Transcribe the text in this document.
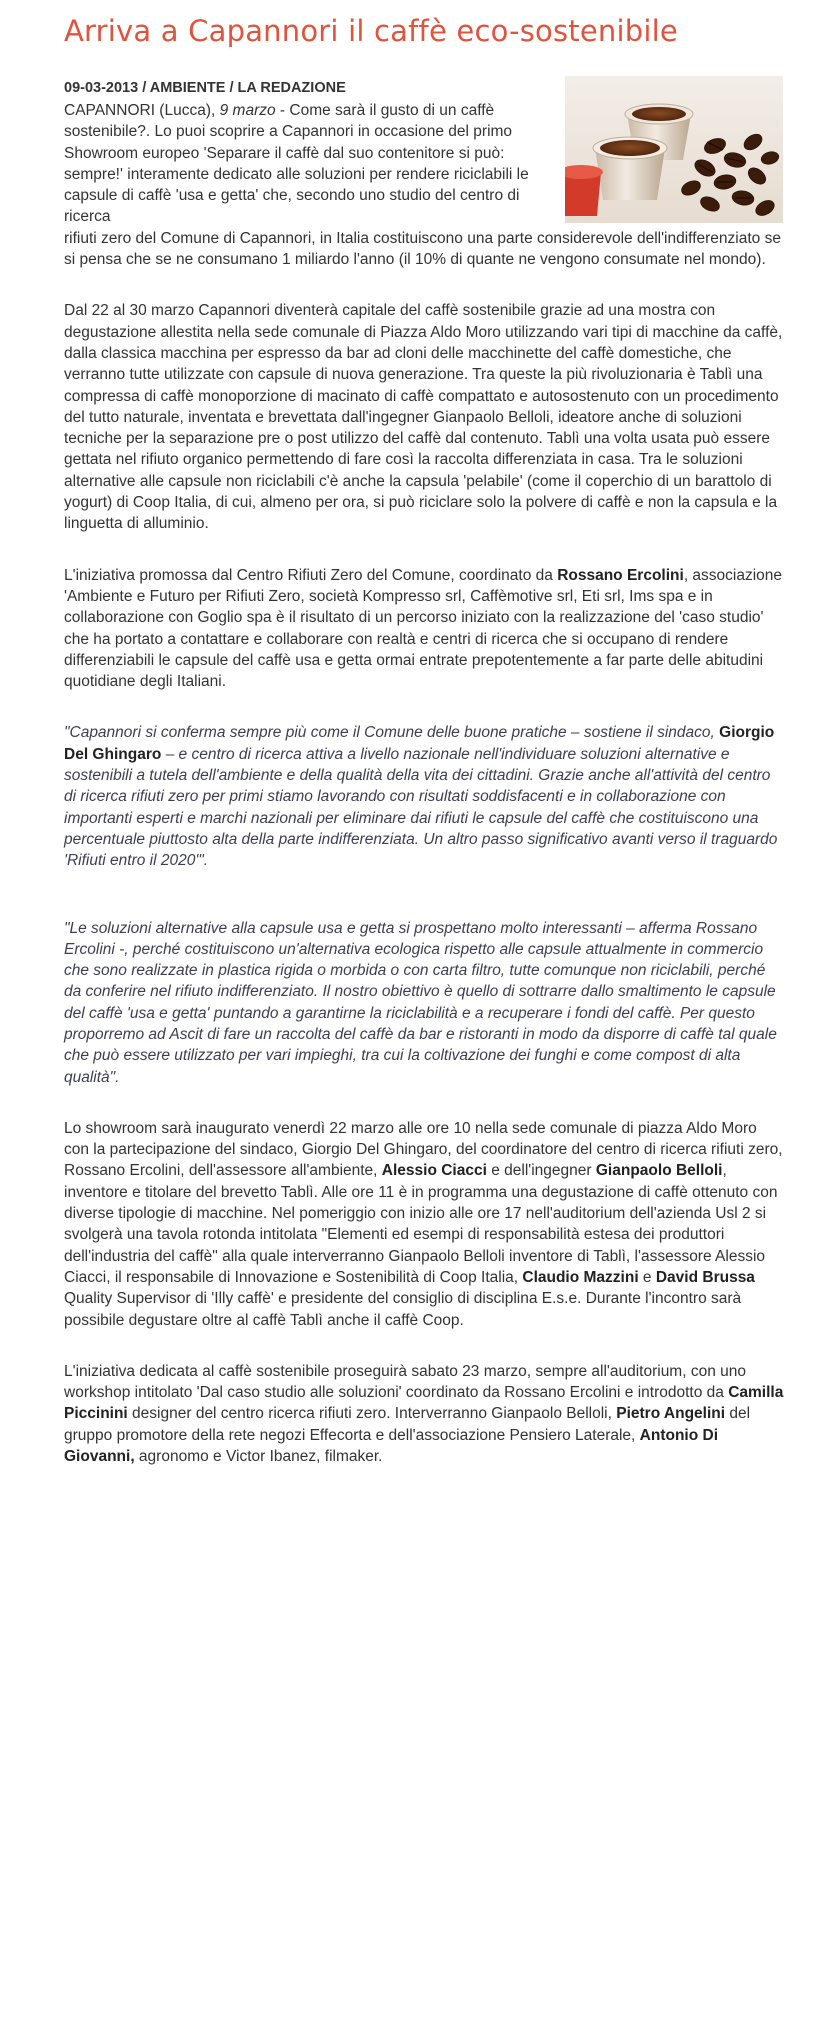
Arriva a Capannori il caffè eco-sostenibile
09-03-2013 / AMBIENTE / LA REDAZIONE

CAPANNORI (Lucca), 9 marzo - Come sarà il gusto di un caffè sostenibile?. Lo puoi scoprire a Capannori in occasione del primo Showroom europeo 'Separare il caffè dal suo contenitore si può: sempre!' interamente dedicato alle soluzioni per rendere riciclabili le capsule di caffè 'usa e getta' che, secondo uno studio del centro di ricerca

rifiuti zero del Comune di Capannori, in Italia costituiscono una parte considerevole dell'indifferenziato se si pensa che se ne consumano 1 miliardo l'anno (il 10% di quante ne vengono consumate nel mondo).

Dal 22 al 30 marzo Capannori diventerà capitale del caffè sostenibile grazie ad una mostra con degustazione allestita nella sede comunale di Piazza Aldo Moro utilizzando vari tipi di macchine da caffè, dalla classica macchina per espresso da bar ad cloni delle macchinette del caffè domestiche, che verranno tutte utilizzate con capsule di nuova generazione. Tra queste la più rivoluzionaria è Tablì una compressa di caffè monoporzione di macinato di caffè compattato e autosostenuto con un procedimento del tutto naturale, inventata e brevettata dall'ingegner Gianpaolo Belloli, ideatore anche di soluzioni tecniche per la separazione pre o post utilizzo del caffè dal contenuto. Tablì una volta usata può essere gettata nel rifiuto organico permettendo di fare così la raccolta differenziata in casa. Tra le soluzioni alternative alle capsule non riciclabili c'è anche la capsula 'pelabile' (come il coperchio di un barattolo di yogurt) di Coop Italia, di cui, almeno per ora, si può riciclare solo la polvere di caffè e non la capsula e la linguetta di alluminio.

L'iniziativa promossa dal Centro Rifiuti Zero del Comune, coordinato da Rossano Ercolini, associazione 'Ambiente e Futuro per Rifiuti Zero, società Kompresso srl, Caffèmotive srl, Eti srl, Ims spa e in collaborazione con Goglio spa è il risultato di un percorso iniziato con la realizzazione del 'caso studio' che ha portato a contattare e collaborare con realtà e centri di ricerca che si occupano di rendere differenziabili le capsule del caffè usa e getta ormai entrate prepotentemente a far parte delle abitudini quotidiane degli Italiani.

"Capannori si conferma sempre più come il Comune delle buone pratiche – sostiene il sindaco, Giorgio Del Ghingaro – e centro di ricerca attiva a livello nazionale nell'individuare soluzioni alternative e sostenibili a tutela dell'ambiente e della qualità della vita dei cittadini. Grazie anche all'attività del centro di ricerca rifiuti zero per primi stiamo lavorando con risultati soddisfacenti e in collaborazione con importanti esperti e marchi nazionali per eliminare dai rifiuti le capsule del caffè che costituiscono una percentuale piuttosto alta della parte indifferenziata. Un altro passo significativo avanti verso il traguardo 'Rifiuti entro il 2020'".

"Le soluzioni alternative alla capsule usa e getta si prospettano molto interessanti – afferma Rossano Ercolini -, perché costituiscono un'alternativa ecologica rispetto alle capsule attualmente in commercio che sono realizzate in plastica rigida o morbida o con carta filtro, tutte comunque non riciclabili, perché da conferire nel rifiuto indifferenziato. Il nostro obiettivo è quello di sottrarre dallo smaltimento le capsule del caffè 'usa e getta' puntando a garantirne la riciclabilità e a recuperare i fondi del caffè. Per questo proporremo ad Ascit di fare un raccolta del caffè da bar e ristoranti in modo da disporre di caffè tal quale che può essere utilizzato per vari impieghi, tra cui la coltivazione dei funghi e come compost di alta qualità".

Lo showroom sarà inaugurato venerdì 22 marzo alle ore 10 nella sede comunale di piazza Aldo Moro con la partecipazione del sindaco, Giorgio Del Ghingaro, del coordinatore del centro di ricerca rifiuti zero, Rossano Ercolini, dell'assessore all'ambiente, Alessio Ciacci e dell'ingegner Gianpaolo Belloli, inventore e titolare del brevetto Tablì. Alle ore 11 è in programma una degustazione di caffè ottenuto con diverse tipologie di macchine. Nel pomeriggio con inizio alle ore 17 nell'auditorium dell'azienda Usl 2 si svolgerà una tavola rotonda intitolata "Elementi ed esempi di responsabilità estesa dei produttori dell'industria del caffè" alla quale interverranno Gianpaolo Belloli inventore di Tablì, l'assessore Alessio Ciacci, il responsabile di Innovazione e Sostenibilità di Coop Italia, Claudio Mazzini e David Brussa Quality Supervisor di 'Illy caffè' e presidente del consiglio di disciplina E.s.e. Durante l'incontro sarà possibile degustare oltre al caffè Tablì anche il caffè Coop.

L'iniziativa dedicata al caffè sostenibile proseguirà sabato 23 marzo, sempre all'auditorium, con uno workshop intitolato 'Dal caso studio alle soluzioni' coordinato da Rossano Ercolini e introdotto da Camilla Piccinini designer del centro ricerca rifiuti zero. Interverranno Gianpaolo Belloli, Pietro Angelini del gruppo promotore della rete negozi Effecorta e dell'associazione Pensiero Laterale, Antonio Di Giovanni, agronomo e Victor Ibanez, filmaker.
